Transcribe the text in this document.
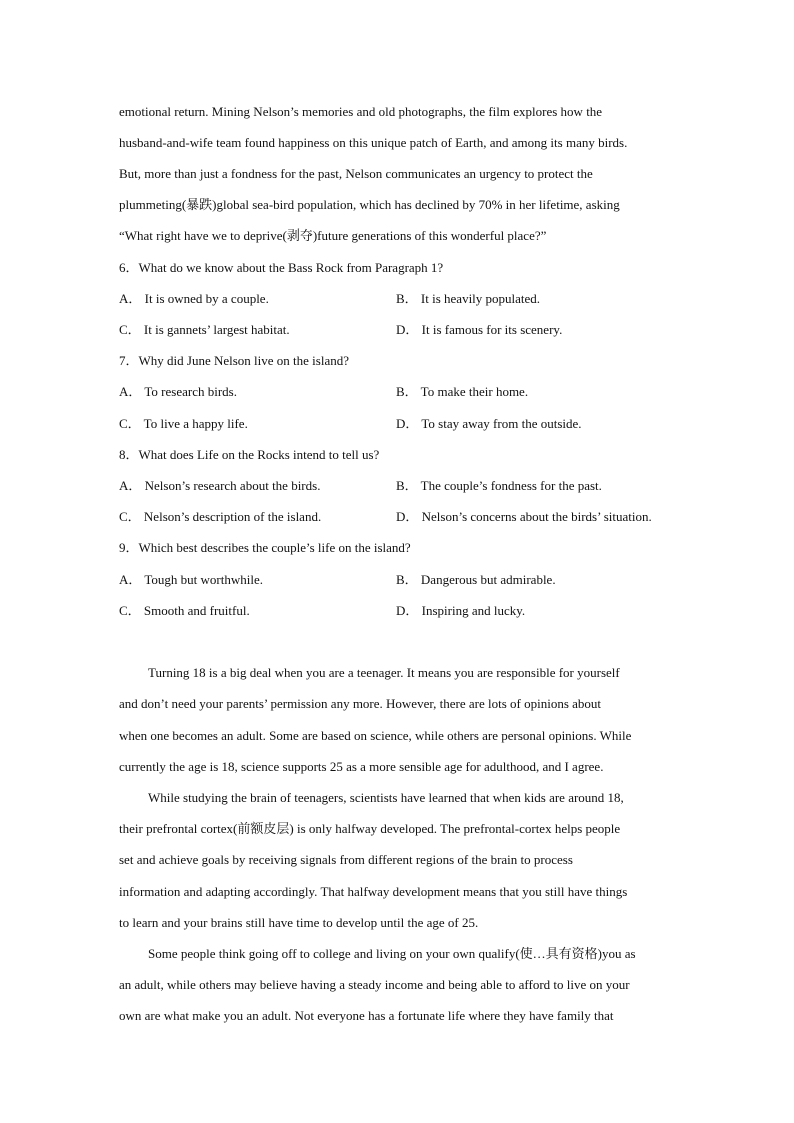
emotional return. Mining Nelson’s memories and old photographs, the film explores how the
husband-and-wife team found happiness on this unique patch of Earth, and among its many birds.
But, more than just a fondness for the past, Nelson communicates an urgency to protect the
plummeting(暴跌)global sea-bird population, which has declined by 70% in her lifetime, asking
“What right have we to deprive(剥夺)future generations of this wonderful place?”
6．What do we know about the Bass Rock from Paragraph 1?
A． It is owned by a couple.	B． It is heavily populated.
C． It is gannets’ largest habitat.	D． It is famous for its scenery.
7．Why did June Nelson live on the island?
A． To research birds.	B． To make their home.
C． To live a happy life.	D． To stay away from the outside.
8．What does Life on the Rocks intend to tell us?
A． Nelson’s research about the birds.	B． The couple’s fondness for the past.
C． Nelson’s description of the island.	D． Nelson’s concerns about the birds’ situation.
9．Which best describes the couple’s life on the island?
A． Tough but worthwhile.	B． Dangerous but admirable.
C． Smooth and fruitful.	D． Inspiring and lucky.
Turning 18 is a big deal when you are a teenager. It means you are responsible for yourself
and don’t need your parents’ permission any more. However, there are lots of opinions about
when one becomes an adult. Some are based on science, while others are personal opinions. While
currently the age is 18, science supports 25 as a more sensible age for adulthood, and I agree.
While studying the brain of teenagers, scientists have learned that when kids are around 18,
their prefrontal cortex(前额皮层) is only halfway developed. The prefrontal-cortex helps people
set and achieve goals by receiving signals from different regions of the brain to process
information and adapting accordingly. That halfway development means that you still have things
to learn and your brains still have time to develop until the age of 25.
Some people think going off to college and living on your own qualify(使…具有资格)you as
an adult, while others may believe having a steady income and being able to afford to live on your
own are what make you an adult. Not everyone has a fortunate life where they have family that
